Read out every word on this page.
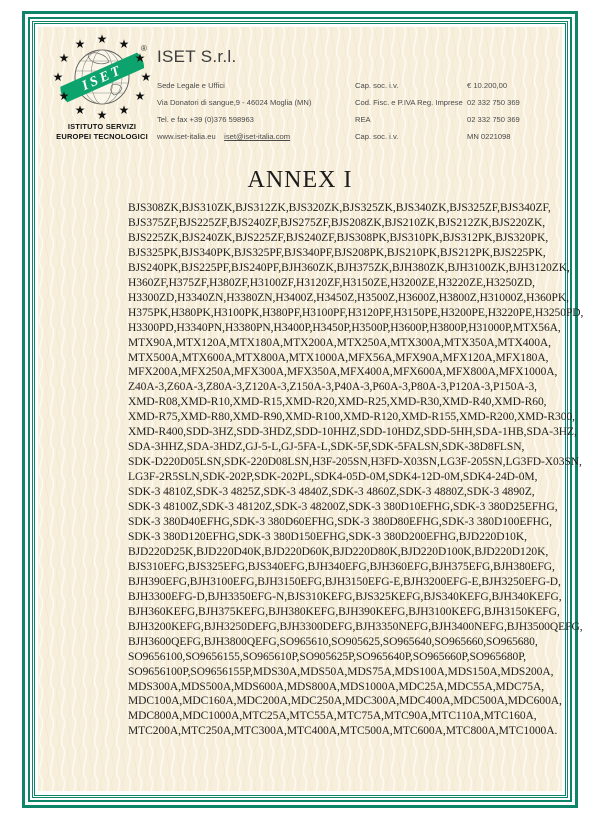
ISET
★ ★
★
★
★
★
★
★
★
★
★
★	®
ISTITUTO SERVIZI
EUROPEI TECNOLOGICI
ISET S.r.l.
Sede Legale e Uffici	Cap. soc. i.v.	€ 10.200,00
Via Donatori di sangue,9 - 46024 Moglia (MN)	Cod. Fisc. e P.IVA Reg. Imprese 02 332 750 369
Tel. e fax +39 (0)376 598963	REA	02 332 750 369
www.iset-italia.eu iset@iset-italia.com	Cap. soc. i.v.	MN 0221098
ANNEX I
BJS308ZK,BJS310ZK,BJS312ZK,BJS320ZK,BJS325ZK,BJS340ZK,BJS325ZF,BJS340ZF,
BJS375ZF,BJS225ZF,BJS240ZF,BJS275ZF,BJS208ZK,BJS210ZK,BJS212ZK,BJS220ZK,
BJS225ZK,BJS240ZK,BJS225ZF,BJS240ZF,BJS308PK,BJS310PK,BJS312PK,BJS320PK,
BJS325PK,BJS340PK,BJS325PF,BJS340PF,BJS208PK,BJS210PK,BJS212PK,BJS225PK,
BJS240PK,BJS225PF,BJS240PF,BJH360ZK,BJH375ZK,BJH380ZK,BJH3100ZK,BJH3120ZK,
H360ZF,H375ZF,H380ZF,H3100ZF,H3120ZF,H3150ZE,H3200ZE,H3220ZE,H3250ZD,
H3300ZD,H3340ZN,H3380ZN,H3400Z,H3450Z,H3500Z,H3600Z,H3800Z,H31000Z,H360PK,
H375PK,H380PK,H3100PK,H380PF,H3100PF,H3120PF,H3150PE,H3200PE,H3220PE,H3250PD,
H3300PD,H3340PN,H3380PN,H3400P,H3450P,H3500P,H3600P,H3800P,H31000P,MTX56A,
MTX90A,MTX120A,MTX180A,MTX200A,MTX250A,MTX300A,MTX350A,MTX400A,
MTX500A,MTX600A,MTX800A,MTX1000A,MFX56A,MFX90A,MFX120A,MFX180A,
MFX200A,MFX250A,MFX300A,MFX350A,MFX400A,MFX600A,MFX800A,MFX1000A,
Z40A-3,Z60A-3,Z80A-3,Z120A-3,Z150A-3,P40A-3,P60A-3,P80A-3,P120A-3,P150A-3,
XMD-R08,XMD-R10,XMD-R15,XMD-R20,XMD-R25,XMD-R30,XMD-R40,XMD-R60,
XMD-R75,XMD-R80,XMD-R90,XMD-R100,XMD-R120,XMD-R155,XMD-R200,XMD-R300,
XMD-R400,SDD-3HZ,SDD-3HDZ,SDD-10HHZ,SDD-10HDZ,SDD-5HH,SDA-1HB,SDA-3HZ,
SDA-3HHZ,SDA-3HDZ,GJ-5-L,GJ-5FA-L,SDK-5F,SDK-5FALSN,SDK-38D8FLSN,
SDK-D220D05LSN,SDK-220D08LSN,H3F-205SN,H3FD-X03SN,LG3F-205SN,LG3FD-X03SN,
LG3F-2R5SLN,SDK-202P,SDK-202PL,SDK4-05D-0M,SDK4-12D-0M,SDK4-24D-0M,
SDK-3 4810Z,SDK-3 4825Z,SDK-3 4840Z,SDK-3 4860Z,SDK-3 4880Z,SDK-3 4890Z,
SDK-3 48100Z,SDK-3 48120Z,SDK-3 48200Z,SDK-3 380D10EFHG,SDK-3 380D25EFHG,
SDK-3 380D40EFHG,SDK-3 380D60EFHG,SDK-3 380D80EFHG,SDK-3 380D100EFHG,
SDK-3 380D120EFHG,SDK-3 380D150EFHG,SDK-3 380D200EFHG,BJD220D10K,
BJD220D25K,BJD220D40K,BJD220D60K,BJD220D80K,BJD220D100K,BJD220D120K,
BJS310EFG,BJS325EFG,BJS340EFG,BJH340EFG,BJH360EFG,BJH375EFG,BJH380EFG,
BJH390EFG,BJH3100EFG,BJH3150EFG,BJH3150EFG-E,BJH3200EFG-E,BJH3250EFG-D,
BJH3300EFG-D,BJH3350EFG-N,BJS310KEFG,BJS325KEFG,BJS340KEFG,BJH340KEFG,
BJH360KEFG,BJH375KEFG,BJH380KEFG,BJH390KEFG,BJH3100KEFG,BJH3150KEFG,
BJH3200KEFG,BJH3250DEFG,BJH3300DEFG,BJH3350NEFG,BJH3400NEFG,BJH3500QEFG,
BJH3600QEFG,BJH3800QEFG,SO965610,SO905625,SO965640,SO965660,SO965680,
SO9656100,SO9656155,SO965610P,SO905625P,SO965640P,SO965660P,SO965680P,
SO9656100P,SO9656155P,MDS30A,MDS50A,MDS75A,MDS100A,MDS150A,MDS200A,
MDS300A,MDS500A,MDS600A,MDS800A,MDS1000A,MDC25A,MDC55A,MDC75A,
MDC100A,MDC160A,MDC200A,MDC250A,MDC300A,MDC400A,MDC500A,MDC600A,
MDC800A,MDC1000A,MTC25A,MTC55A,MTC75A,MTC90A,MTC110A,MTC160A,
MTC200A,MTC250A,MTC300A,MTC400A,MTC500A,MTC600A,MTC800A,MTC1000A.
